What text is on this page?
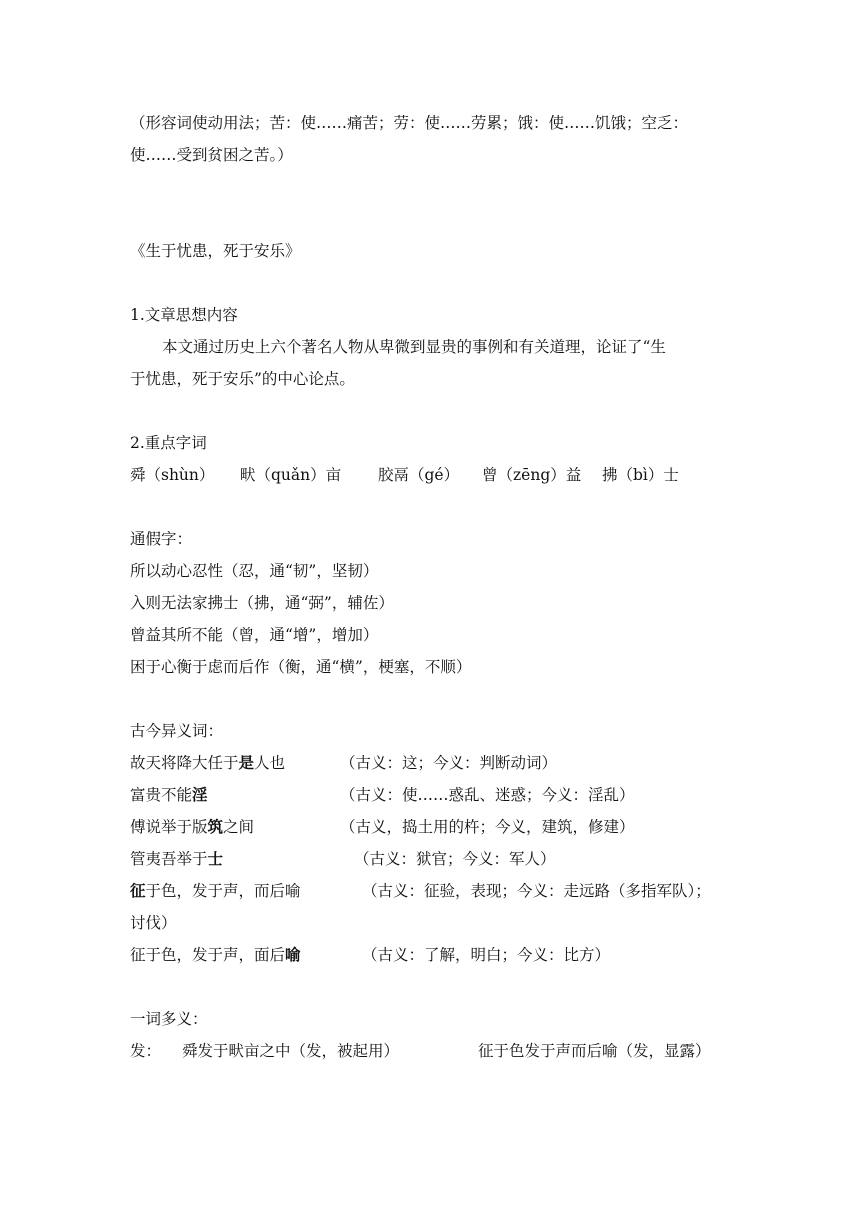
（形容词使动用法；苦：使……痛苦；劳：使……劳累；饿：使……饥饿；空乏：
使……受到贫困之苦。）
《生于忧患，死于安乐》
1.文章思想内容
本文通过历史上六个著名人物从卑微到显贵的事例和有关道理，论证了“生
于忧患，死于安乐”的中心论点。
2.重点字词
舜（shùn） 畎（quǎn）亩 胶鬲（gé） 曾（zēng）益 拂（bì）士
通假字：
所以动心忍性（忍，通“韧”，坚韧）
入则无法家拂士（拂，通“弼”，辅佐）
曾益其所不能（曾，通“增”，增加）
困于心衡于虑而后作（衡，通“横”，梗塞，不顺）
古今异义词：
故天将降大任于是人也	（古义：这；今义：判断动词）
富贵不能淫	（古义：使……惑乱、迷惑；今义：淫乱）
傅说举于版筑之间	（古义，捣土用的杵；今义，建筑，修建）
管夷吾举于士	（古义：狱官；今义：军人）
征于色，发于声，而后喻	（古义：征验，表现；今义：走远路（多指军队）；
讨伐）
征于色，发于声，面后喻	（古义：了解，明白；今义：比方）
一词多义：
发： 舜发于畎亩之中（发，被起用）	征于色发于声而后喻（发，显露）
